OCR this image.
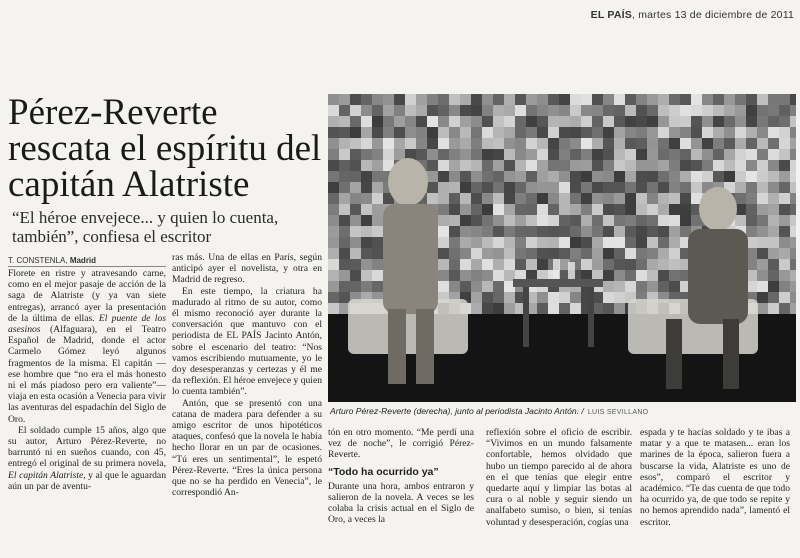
EL PAÍS, martes 13 de diciembre de 2011
Pérez-Reverte rescata el espíritu del capitán Alatriste
“El héroe envejece... y quien lo cuenta, también”, confiesa el escritor
T. CONSTENLA, Madrid

Florete en ristre y atravesando carne, como en el mejor pasaje de acción de la saga de Alatriste (y ya van siete entregas), arrancó ayer la presentación de la última de ellas. El puente de los asesinos (Alfaguara), en el Teatro Español de Madrid, donde el actor Carmelo Gómez leyó algunos fragmentos de la misma. El capitán —ese hombre que “no era el más honesto ni el más piadoso pero era valiente”— viaja en esta ocasión a Venecia para vivir las aventuras del espadachín del Siglo de Oro.

El soldado cumple 15 años, algo que su autor, Arturo Pérez-Reverte, no barruntó ni en sueños cuando, con 45, entregó el original de su primera novela, El capitán Alatriste, y al que le aguardan aún un par de aventu-

ras más. Una de ellas en París, según anticipó ayer el novelista, y otra en Madrid de regreso.

En este tiempo, la criatura ha madurado al ritmo de su autor, como él mismo reconoció ayer durante la conversación que mantuvo con el periodista de EL PAÍS Jacinto Antón, sobre el escenario del teatro: “Nos vamos escribiendo mutuamente, yo le doy desesperanzas y certezas y él me da reflexión. El héroe envejece y quien lo cuenta también”.

Antón, que se presentó con una catana de madera para defender a su amigo escritor de unos hipotéticos ataques, confesó que la novela le había hecho llorar en un par de ocasiones. “Tú eres un sentimental”, le espetó Pérez-Reverte. “Eres la única persona que no se ha perdido en Venecia”, le correspondió An-

Arturo Pérez-Reverte (derecha), junto al periodista Jacinto Antón. / LUIS SEVILLANO

tón en otro momento. “Me perdí una vez de noche”, le corrigió Pérez-Reverte.

“Todo ha ocurrido ya”

Durante una hora, ambos entraron y salieron de la novela. A veces se les colaba la crisis actual en el Siglo de Oro, a veces la

reflexión sobre el oficio de escribir. “Vivimos en un mundo falsamente confortable, hemos olvidado que hubo un tiempo parecido al de ahora en el que tenías que elegir entre quedarte aquí y limpiar las botas al cura o al noble y seguir siendo un analfabeto sumiso, o bien, si tenías voluntad y desesperación, cogías una

espada y te hacías soldado y te ibas a matar y a que te matasen... eran los marines de la época, salieron fuera a buscarse la vida, Alatriste es uno de esos”, comparó el escritor y académico. “Te das cuenta de que todo ha ocurrido ya, de que todo se repite y no hemos aprendido nada”, lamentó el escritor.
